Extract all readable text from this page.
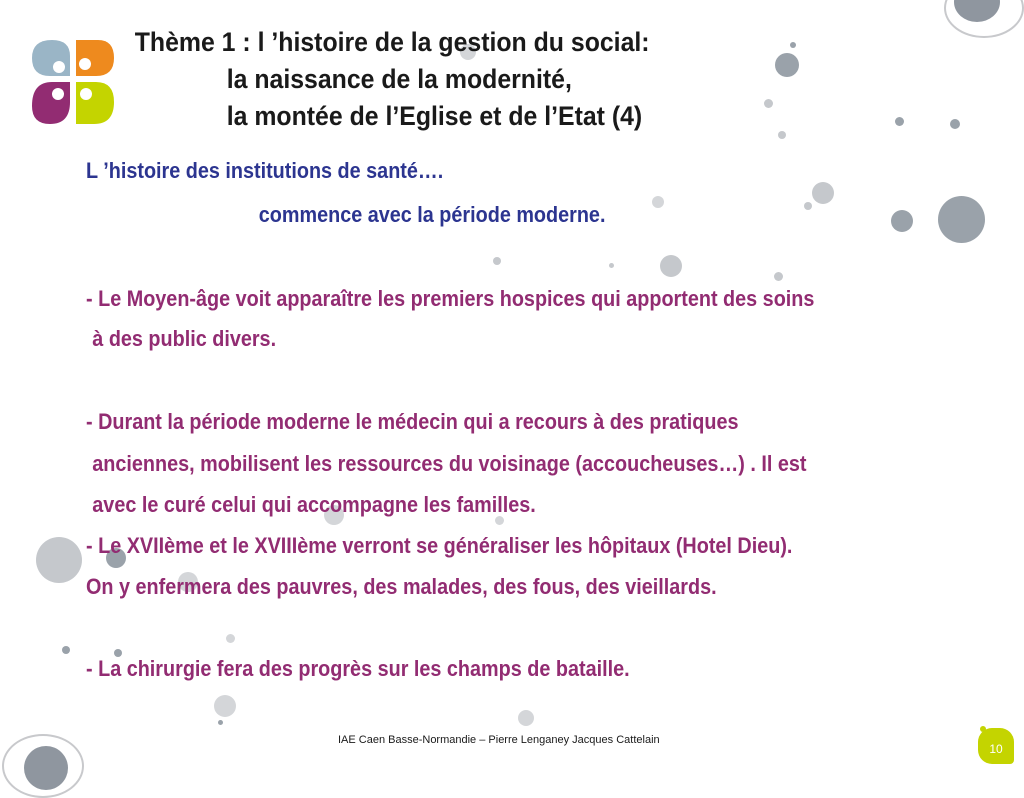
Thème 1 : l ’histoire de la gestion du social:
la naissance de la modernité,
la montée de l’Eglise et de l’Etat (4)
L ’histoire des institutions de santé….
commence avec la période moderne.
- Le Moyen-âge voit apparaître les premiers hospices qui apportent des soins
à des public divers.
- Durant la période moderne le médecin qui a recours à des pratiques
anciennes, mobilisent les ressources du voisinage (accoucheuses…) . Il est
avec le curé celui qui accompagne les familles.
- Le XVIIème et le XVIIIème verront se généraliser les hôpitaux (Hotel Dieu).
On y enfermera des pauvres, des malades, des fous, des vieillards.
- La chirurgie fera des progrès sur les champs de bataille.
IAE Caen Basse-Normandie – Pierre Lenganey Jacques Cattelain
10
